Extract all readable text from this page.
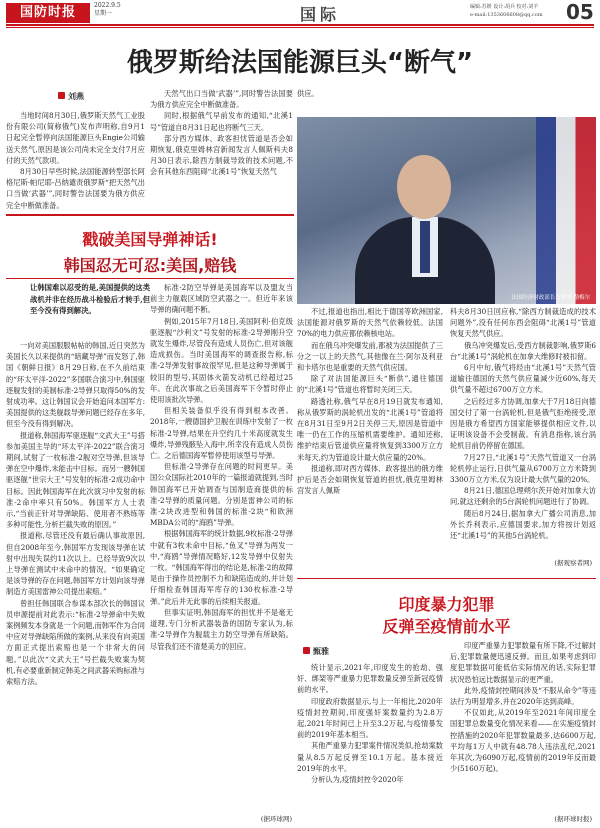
国防时报	2022.9.5
星期一	国际	编辑:苏媛 设计:胡兵 校对:刘羊
e-mail:1353606608@qq.com 05
俄罗斯给法国能源巨头“断气”
刘燕

当地时间8月30日,俄罗斯天然气工业股份有限公司(简称俄气)发布声明称,自9月1日起完全暂停向法国能源巨头Engie公司输送天然气,原因是该公司尚未完全支付7月应付的天然气款项。

8月30日早些时候,法国能源转型部长阿格尼斯·帕尼耶-吕纳谴责俄罗斯“把天然气出口当做‘武器’”,同时警告法国要为俄方供应完全中断做准备。

天然气出口当做‘武器’”,同时警告法国要为俄方供应完全中断做准备。

同时,根据俄气早前发布的通知,“北溪1号”管道自8月31日起也将断气三天。

部分西方媒体、政客担忧管道是否会如期恢复,俄克里姆林宫新闻发言人佩斯科夫8月30日表示,除西方制裁导致的技术问题,不会有其他东西阻碍“北溪1号”恢复天然气

供应。

法国经济财政部长布鲁诺·勒梅尔

不过,报道也指出,相比于德国等欧洲国家,法国能源对俄罗斯的天然气依赖较低。法国70%的电力供应都依赖核电站。

而在俄乌冲突爆发前,都被为法国提供了三分之一以上的天然气,其他像在兰·阿尔及利亚和卡塔尔也是重要的天然气供应国。

除了对法国能源巨头“断供”,通往德国的“北溪1号”管道也将暂时关闭三天。

路透社称,俄气早在8月19日就发布通知,称从俄罗斯的涡轮机出发的“北溪1号”管道将在8月31日至9月2日关停三天,原因是管道中唯一仍在工作的压缩机需要维护。通知还称,维护结束后管道供应量将恢复到3300万立方米每天,约为管道设计最大供应量的20%。

报道称,即对西方媒体、政客提出的俄方维护后是否会如期恢复管道的担忧,俄克里姆林宫发言人佩斯

科夫8月30日回应称,“除西方制裁造成的技术问题外”,没有任何东西会阻碍“北溪1号”管道恢复天然气供应。

俄乌冲突爆发后,受西方制裁影响,俄罗斯6台“北溪1号”涡轮机在加拿大维修时被扣留。

6月中旬,俄气将经由“北溪1号”天然气管道输往德国的天然气供应量减少近60%,每天供气量不超过6700万立方米。

之后经过多方协调,加拿大于7月18日向德国交付了第一台涡轮机,但是俄气拒绝接受,原因是俄方希望西方国家能够提供相应文件,以证明该设备不会受制裁。有消息指称,该台涡轮机目前仍停留在德国。

7月27日,“北溪1号”天然气管道又一台涡轮机停止运行,日供气量从6700万立方米降到3300万立方米,仅为设计最大供气量的20%。

8月21日,德国总理朔尔茨开始对加拿大访问,就这还剩余的5台涡轮机问题进行了协调。

随后8月24日,据加拿大广播公司消息,加外长乔利表示,应德国要求,加方将按计划返还“北溪1号”的其他5台涡轮机。

(据观察者网)
戳破美国导弹神话!
韩国忍无可忍:美国,赔钱
让韩国难以忍受的是,美国提供的这类战机并非在经历战斗检验后才转手,但至今没有得到解决。

一向对美国服服帖帖的韩国,近日突然为美国长久以来提供的“暗藏导弹”而发怒了,韩国《朝鲜日报》8月29日称,在不久前结束的“环太平洋-2022”多国联合演习中,韩国驱逐舰发射的美制标准-2导弹只取得50%的发射成功率。这让韩国议会开始追问本国军方:美国提供的这类舰载导弹问题已经存在多年,但至今没有得到解决。

报道称,韩国海军驱逐舰“文武大王”号搭参加美国主导的“环太平洋-2022”联合演习期间,试射了一枚标准-2舰对空导弹,但该导弹在空中爆炸,未能击中目标。而另一艘韩国驱逐舰“世宗大王”号发射的标准-2成功命中目标。因此韩国海军在此次演习中发射的标准-2命中率只有50%。韩国军方人士表示,“当前正针对导弹缺陷、使用者不熟练等多种可能性,分析拦截失败的原因。”

报道称,尽管还没有最后确认事故原因,但自2008年至今,韩国军方发现该导弹在试射中出现失误约11次以上。已经导致9次以上导弹在测试中未命中的情况。“如果确定是该导弹的存在问题,韩国军方计划向该导弹制造方美国雷神公司提出索赔。”

曾担任韩国联合参谋本部次长的韩国议员申源提前对此表示:“标准-2导弹命中失败案例频发本身就是一个问题,而韩军作为合同中应对导弹缺陷所做的案例,从来没有向美国方面正式提出索赔也是一个非常大的问题。”以此次“文武大王”号拦截失败案为契机,有必要重新制定韩美之间武器采购标准与索赔方法。

标准-2防空导弹是美国海军以及盟友当前主力舰载区域防空武器之一。但近年来该导弹的确问题不断。

例如,2015年7月18日,美国阿利·伯克级驱逐舰“沙利文”号发射的标准-2导弹刚升空就发生爆炸,尽管没有造成人员伤亡,但对该舰造成损伤。当时美国海军的调查报告称,标准-2导弹发射事故很罕见,但是这种导弹属于较旧的型号,其固体火箭发动机已经超过25年。在此次事故之后美国海军下令暂时停止使用该批次导弹。

但相关装备似乎没有得到根本改善。2018年,一艘德国护卫舰在训练中发射了一枚标准-2导弹,结果在升空约几十米高度就发生爆炸,导弹残骸坠入海中,所幸没有造成人员伤亡。之后德国海军暂停使用该型号导弹。

但标准-2导弹存在问题的时间更早。美国公众国际社2010年的一篇报道就提到,当时韩国海军已开始调查与国制造商提供的标准-2导弹的质量问题。分别是雷神公司的标准-2块改进型和韩国的标准-2块“和欧洲MBDA公司的“海鸥”导弹。

根据韩国海军的统计数据,9枚标准-2导弹中就有3枚未命中目标,“鱼叉”导弹为两发一中,“海鸥”导弹情况略好,12发导弹中仅射失一枚。“韩国海军得出的结论是,标准-2的故障是由于操作员控制不力和缺陷造成的,并计划仔细检查韩国海军库存的130枚标准-2导弹。”此后并无此事的后续相关报道。

但事实证明,韩国海军的担忧并不是毫无道理,专门分析武器装备的国防专家认为,标准-2导弹作为舰载主力防空导弹有所缺陷。尽管我们还不清楚美方的回应。

(据环球网)
印度暴力犯罪
反弹至疫情前水平
甄雅

统计显示,2021年,印度发生的抢劫、强奸、绑架等严重暴力犯罪数量反弹至新冠疫情前的水平。

印度政府数据显示,与上一年相比,2020年疫情封控期间,印度强奸案数量约为2.8万起,2021年时间已上升至3.2万起,与疫情暴发前的2019年基本相当。

其他严重暴力犯罪案件情况类似,抢劫案数量从8.5万起反弹至10.1万起。基本接近2019年的水平。

分析认为,疫情封控令2020年

印度严重暴力犯罪数量有所下降,不过解封后,犯罪数量便迅速反弹。而且,如果考虑到印度犯罪数据可能低估实际情况的话,实际犯罪状况恐怕远比数据显示的更严重。

此外,疫情封控期间涉及“不服从命令”等违法行为明显增多,并在2020年达到高峰。

不仅如此,从2019年至2021年间印度全国犯罪总数量变化情况来看——在实施疫情封控措施的2020年犯罪数量最多,达6600万起,平均每1万人中就有48.78人违法乱纪,2021年其次,为6090万起,疫情前的2019年反而最少(5160万起)。

(据环球时报)
